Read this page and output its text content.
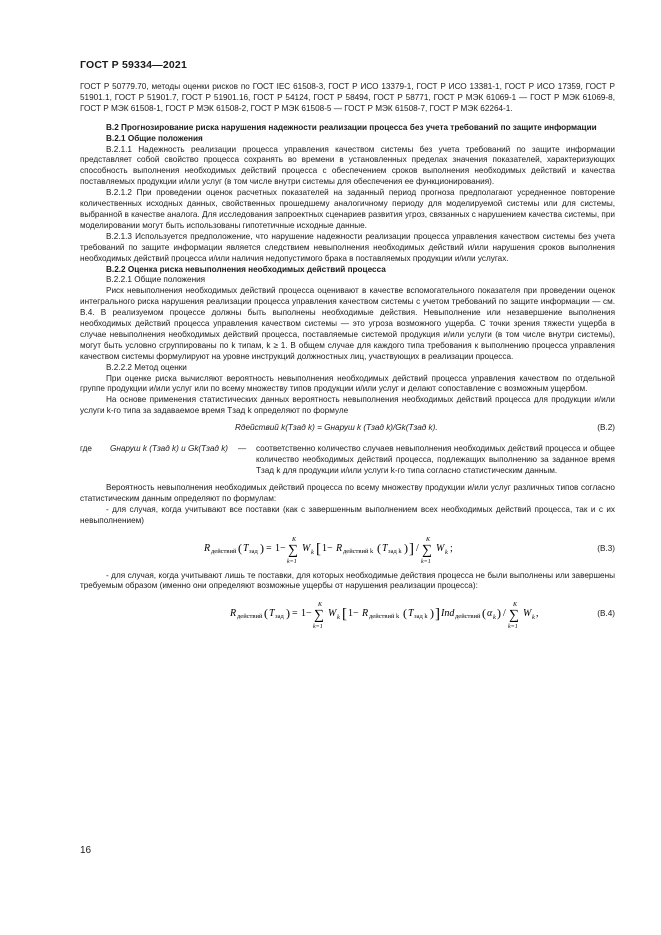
ГОСТ Р 59334—2021

ГОСТ Р 50779.70, методы оценки рисков по ГОСТ IEC 61508-3, ГОСТ Р ИСО 13379-1, ГОСТ Р ИСО 13381-1, ГОСТ Р ИСО 17359, ГОСТ Р 51901.1, ГОСТ Р 51901.7, ГОСТ Р 51901.16, ГОСТ Р 54124, ГОСТ Р 58494, ГОСТ Р 58771, ГОСТ Р МЭК 61069-1 — ГОСТ Р МЭК 61069-8, ГОСТ Р МЭК 61508-1, ГОСТ Р МЭК 61508-2, ГОСТ Р МЭК 61508-5 — ГОСТ Р МЭК 61508-7, ГОСТ Р МЭК 62264-1.

В.2 Прогнозирование риска нарушения надежности реализации процесса без учета требований по защите информации

В.2.1 Общие положения

В.2.1.1 Надежность реализации процесса управления качеством системы без учета требований по защите информации представляет собой свойство процесса сохранять во времени в установленных пределах значения показателей, характеризующих способность выполнения необходимых действий процесса с обеспечением сроков выполнения необходимых действий и качества поставляемых продукции и/или услуг (в том числе внутри системы для обеспечения ее функционирования).

В.2.1.2 При проведении оценок расчетных показателей на заданный период прогноза предполагают усредненное повторение количественных исходных данных, свойственных прошедшему аналогичному периоду для моделируемой системы или для системы, выбранной в качестве аналога. Для исследования запроектных сценариев развития угроз, связанных с нарушением качества системы, при моделировании могут быть использованы гипотетичные исходные данные.

В.2.1.3 Используется предположение, что нарушение надежности реализации процесса управления качеством системы без учета требований по защите информации является следствием невыполнения необходимых действий и/или нарушения сроков выполнения необходимых действий процесса и/или наличия недопустимого брака в поставляемых продукции и/или услугах.

В.2.2 Оценка риска невыполнения необходимых действий процесса

В.2.2.1 Общие положения

Риск невыполнения необходимых действий процесса оценивают в качестве вспомогательного показателя при проведении оценок интегрального риска нарушения реализации процесса управления качеством системы с учетом требований по защите информации — см. В.4. В реализуемом процессе должны быть выполнены необходимые действия. Невыполнение или незавершение выполнения необходимых действий процесса управления качеством системы — это угроза возможного ущерба. С точки зрения тяжести ущерба в случае невыполнения необходимых действий процесса, поставляемые системой продукция и/или услуги (в том числе внутри системы), могут быть условно сгруппированы по k типам, k ≥ 1. В общем случае для каждого типа требования к выполнению процесса управления качеством системы формулируют на уровне инструкций должностных лиц, участвующих в реализации процесса.

В.2.2.2 Метод оценки

При оценке риска вычисляют вероятность невыполнения необходимых действий процесса управления качеством по отдельной группе продукции и/или услуг или по всему множеству типов продукции и/или услуг и делают сопоставление с возможным ущербом.

На основе применения статистических данных вероятность невыполнения необходимых действий процесса для продукции и/или услуги k-го типа за задаваемое время Tзад k определяют по формуле

Rдействий k(Tзад k) = Gнаруш k (Tзад k)/Gk(Tзад k).	(В.2)
где	Gнаруш k (Tзад k) и Gk(Tзад k)	—	соответственно количество случаев невыполнения необходимых действий процесса и общее количество необходимых действий процесса, подлежащих выполнению за заданное время Tзад k для продукции и/или услуги k-го типа согласно статистическим данным.

Вероятность невыполнения необходимых действий процесса по всему множеству продукции и/или услуг различных типов согласно статистическим данным определяют по формулам:

- для случая, когда учитывают все поставки (как с завершенным выполнением всех необходимых действий процесса, так и с их невыполнением)

R действий ( T зад ) = 1−
K
∑
k=1
W k [ 1− R действий k ( T зад k ) ] /
K
∑
k=1
W k ;	(В.3)

- для случая, когда учитывают лишь те поставки, для которых необходимые действия процесса не были выполнены или завершены требуемым образом (именно они определяют возможные ущербы от нарушения реализации процесса):

R действий ( T зад ) = 1−
K
∑
k=1
W k [ 1− R действий k ( T зад k ) ] Ind действий ( α k ) /
K
∑
k=1
W k ,	(В.4)
16
